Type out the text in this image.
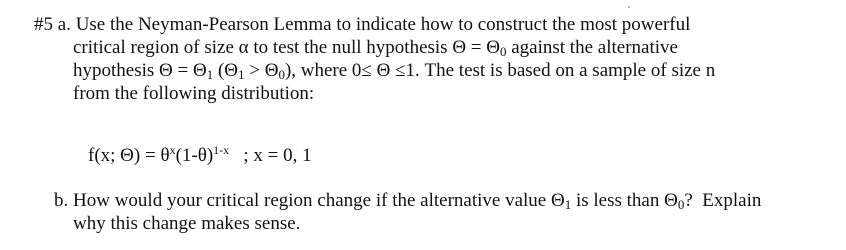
#5 a. Use the Neyman-Pearson Lemma to indicate how to construct the most powerful
critical region of size α to test the null hypothesis $\Theta = \Theta_0$ against the alternative
hypothesis $\Theta = \Theta_1$ $(\Theta_1 > \Theta_0)$, where 0≤ Θ ≤1. The test is based on a sample of size n
from the following distribution:
f(x; $\Theta) = \theta^x(1-\theta)^{1-x}$   ; x = 0, 1
b. How would your critical region change if the alternative value $\Theta_1$ is less than $\Theta_0$?  Explain
why this change makes sense.
